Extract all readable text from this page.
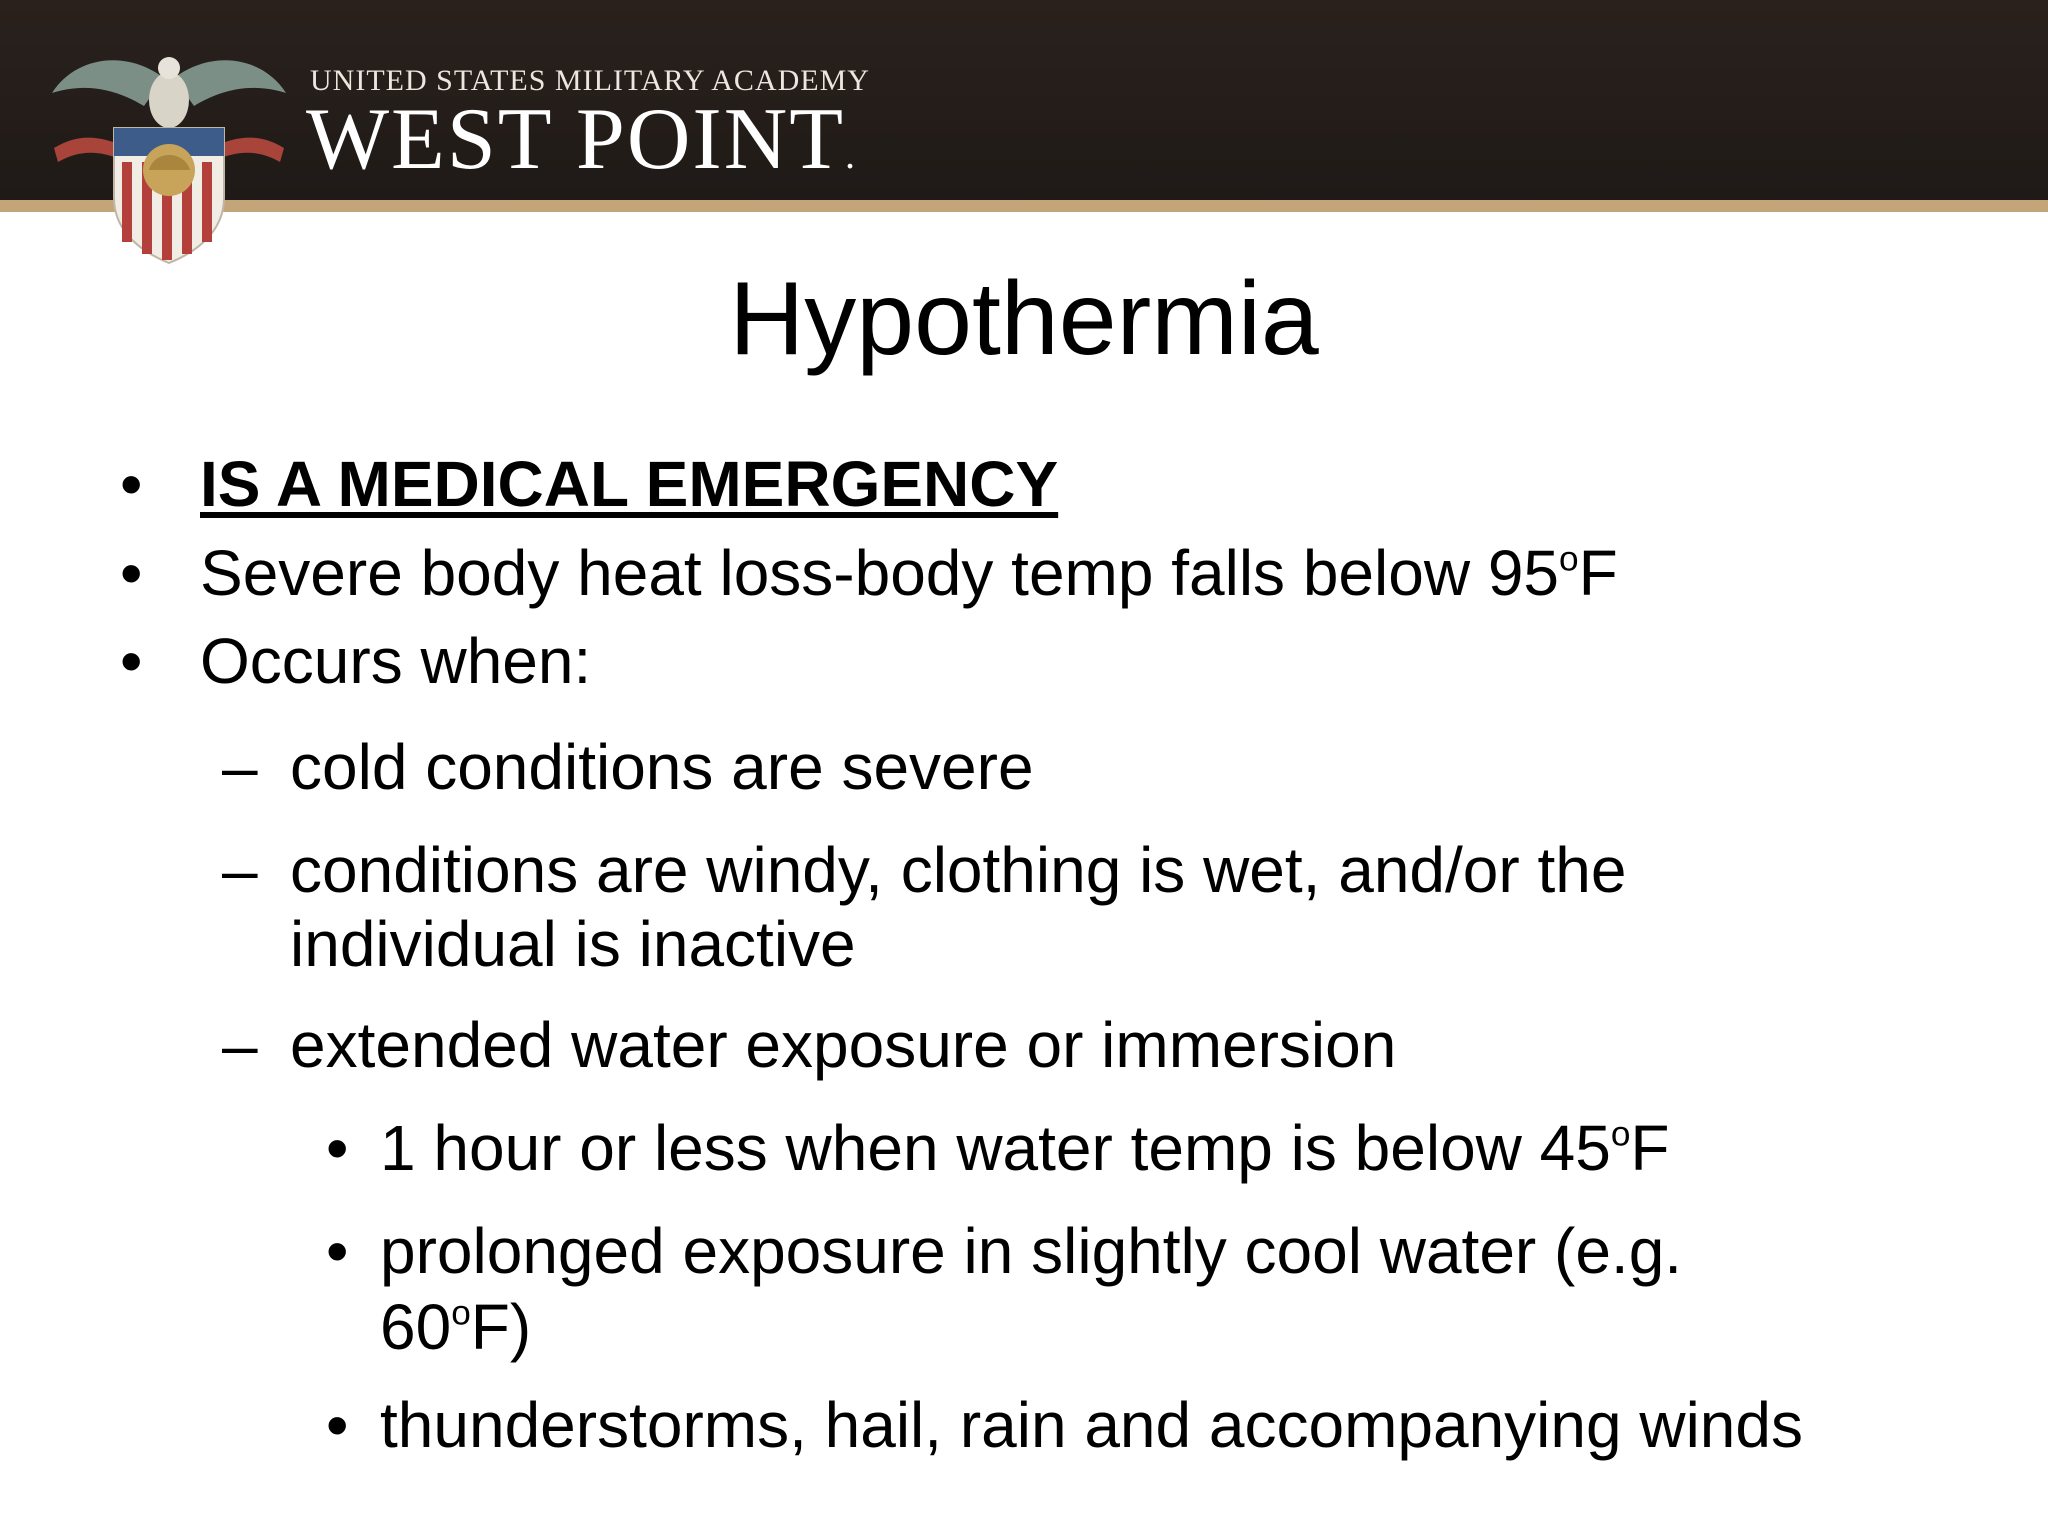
UNITED STATES MILITARY ACADEMY
WEST POINT.
Hypothermia
• IS A MEDICAL EMERGENCY
• Severe body heat loss-body temp falls below 95$^o$F
• Occurs when:
– cold conditions are severe
– conditions are windy, clothing is wet, and/or the
individual is inactive
– extended water exposure or immersion
• 1 hour or less when water temp is below 45$^o$F
• prolonged exposure in slightly cool water (e.g.
60$^o$F)
• thunderstorms, hail, rain and accompanying winds
